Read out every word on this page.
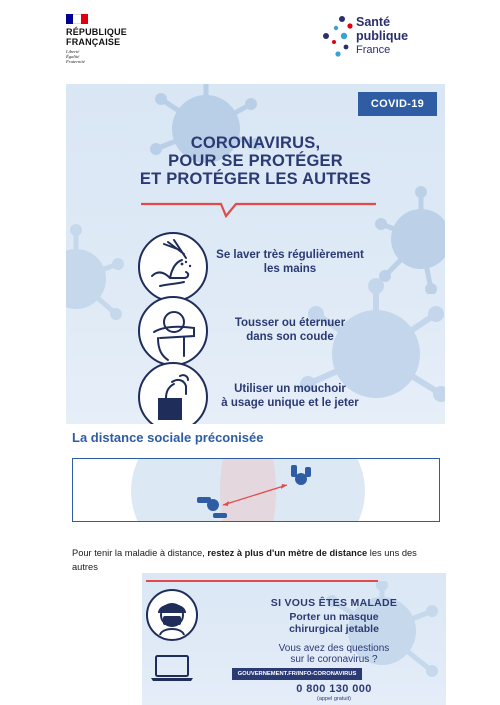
RÉPUBLIQUE
FRANÇAISE
Liberté
Égalité
Fraternité
Santé
publique
France
COVID-19
CORONAVIRUS,
POUR SE PROTÉGER
ET PROTÉGER LES AUTRES
Se laver très régulièrement
les mains
Tousser ou éternuer
dans son coude
Utiliser un mouchoir
à usage unique et le jeter
La distance sociale préconisée
Pour tenir la maladie à distance, restez à plus d'un mètre de distance les uns des autres
SI VOUS ÊTES MALADE
Porter un masque
chirurgical jetable
Vous avez des questions
sur le coronavirus ?
GOUVERNEMENT.FR/INFO-CORONAVIRUS
0 800 130 000
(appel gratuit)
